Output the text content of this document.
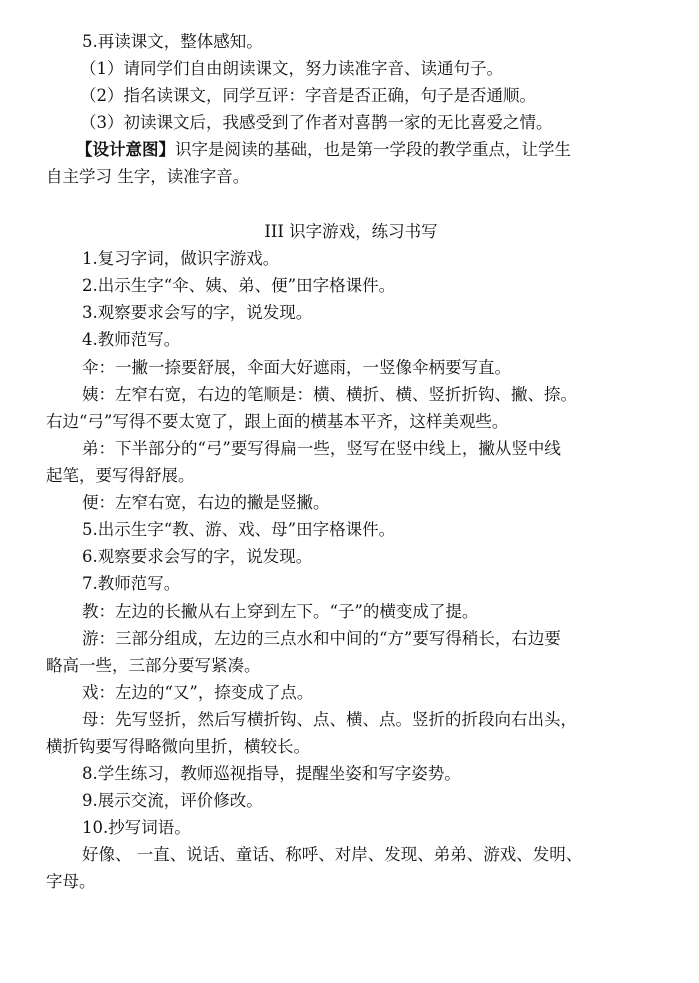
5.再读课文，整体感知。
（1）请同学们自由朗读课文，努力读准字音、读通句子。
（2）指名读课文，同学互评：字音是否正确，句子是否通顺。
（3）初读课文后，我感受到了作者对喜鹊一家的无比喜爱之情。
【设计意图】识字是阅读的基础，也是第一学段的教学重点，让学生
自主学习 生字，读准字音。
III 识字游戏，练习书写
1.复习字词，做识字游戏。
2.出示生字“伞、姨、弟、便”田字格课件。
3.观察要求会写的字，说发现。
4.教师范写。
伞：一撇一捺要舒展，伞面大好遮雨，一竖像伞柄要写直。
姨：左窄右宽，右边的笔顺是：横、横折、横、竖折折钩、撇、捺。
右边“弓”写得不要太宽了，跟上面的横基本平齐，这样美观些。
弟：下半部分的“弓”要写得扁一些，竖写在竖中线上，撇从竖中线
起笔，要写得舒展。
便：左窄右宽，右边的撇是竖撇。
5.出示生字“教、游、戏、母”田字格课件。
6.观察要求会写的字，说发现。
7.教师范写。
教：左边的长撇从右上穿到左下。“子”的横变成了提。
游：三部分组成，左边的三点水和中间的“方”要写得稍长，右边要
略高一些，三部分要写紧凑。
戏：左边的“又”，捺变成了点。
母：先写竖折，然后写横折钩、点、横、点。竖折的折段向右出头，
横折钩要写得略微向里折，横较长。
8.学生练习，教师巡视指导，提醒坐姿和写字姿势。
9.展示交流，评价修改。
10.抄写词语。
好像、 一直、说话、童话、称呼、对岸、发现、弟弟、游戏、发明、
字母。
